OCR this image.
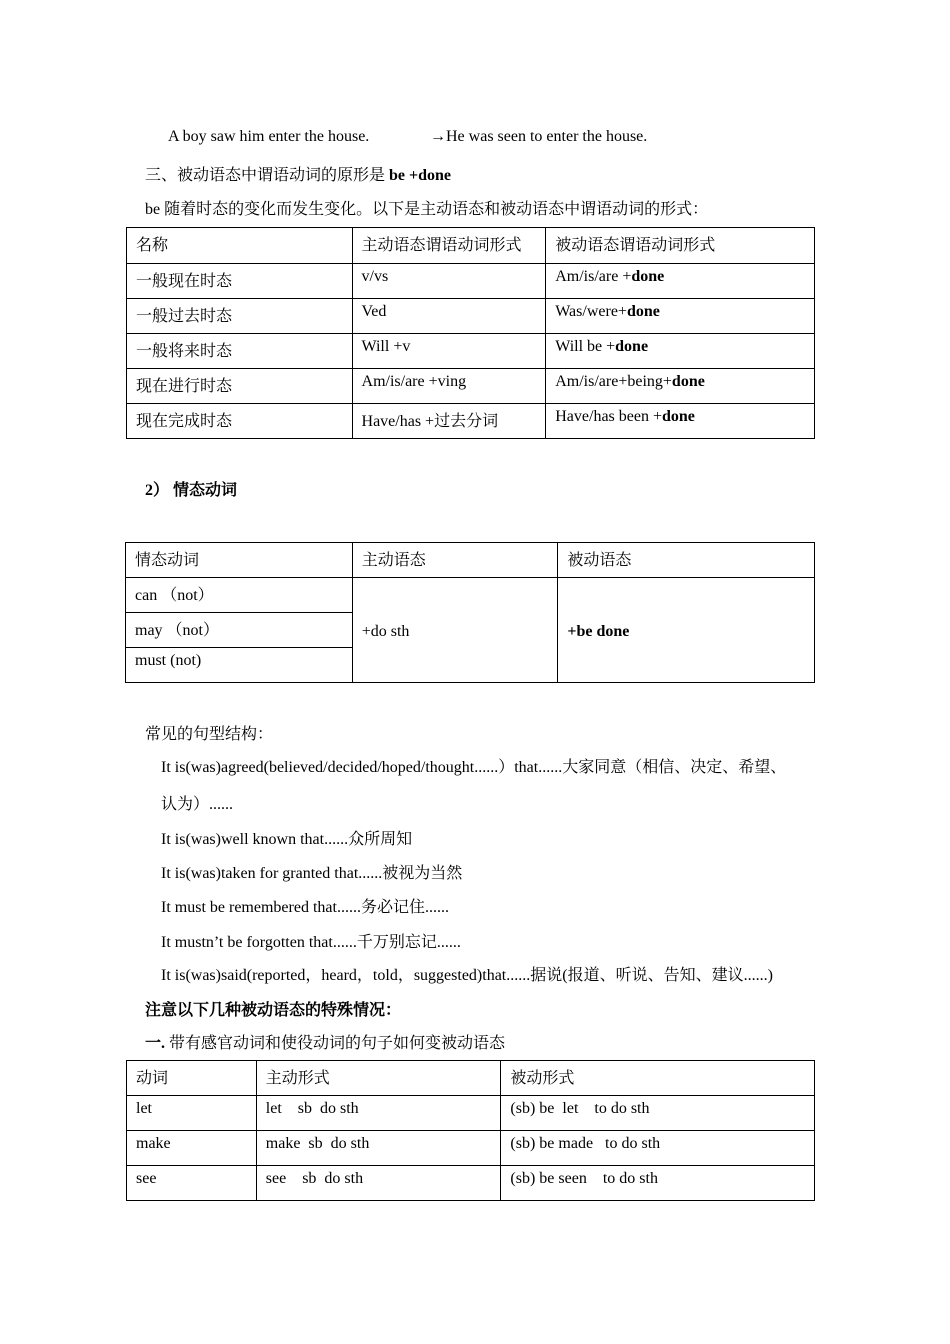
A boy saw him enter the house.	→He was seen to enter the house.
三、被动语态中谓语动词的原形是 be +done
be 随着时态的变化而发生变化。以下是主动语态和被动语态中谓语动词的形式：
名称	主动语态谓语动词形式	被动语态谓语动词形式
一般现在时态	v/vs	Am/is/are +done
一般过去时态	Ved	Was/were+done
一般将来时态	Will +v	Will be +done
现在进行时态	Am/is/are +ving	Am/is/are+being+done
现在完成时态	Have/has +过去分词	Have/has been +done
2） 情态动词
情态动词	主动语态	被动语态
can （not）	+do sth	+be done
may （not）		
must (not)		
常见的句型结构：
It is(was)agreed(believed/decided/hoped/thought......）that......大家同意（相信、决定、希望、
认为）......
It is(was)well known that......众所周知
It is(was)taken for granted that......被视为当然
It must be remembered that......务必记住......
It mustn’t be forgotten that......千万别忘记......
It is(was)said(reported，heard，told，suggested)that......据说(报道、听说、告知、建议......)
注意以下几种被动语态的特殊情况：
一. 带有感官动词和使役动词的句子如何变被动语态
动词	主动形式	被动形式
let	let    sb  do sth	(sb) be  let    to do sth
make	make  sb  do sth	(sb) be made   to do sth
see	see    sb  do sth	(sb) be seen    to do sth
